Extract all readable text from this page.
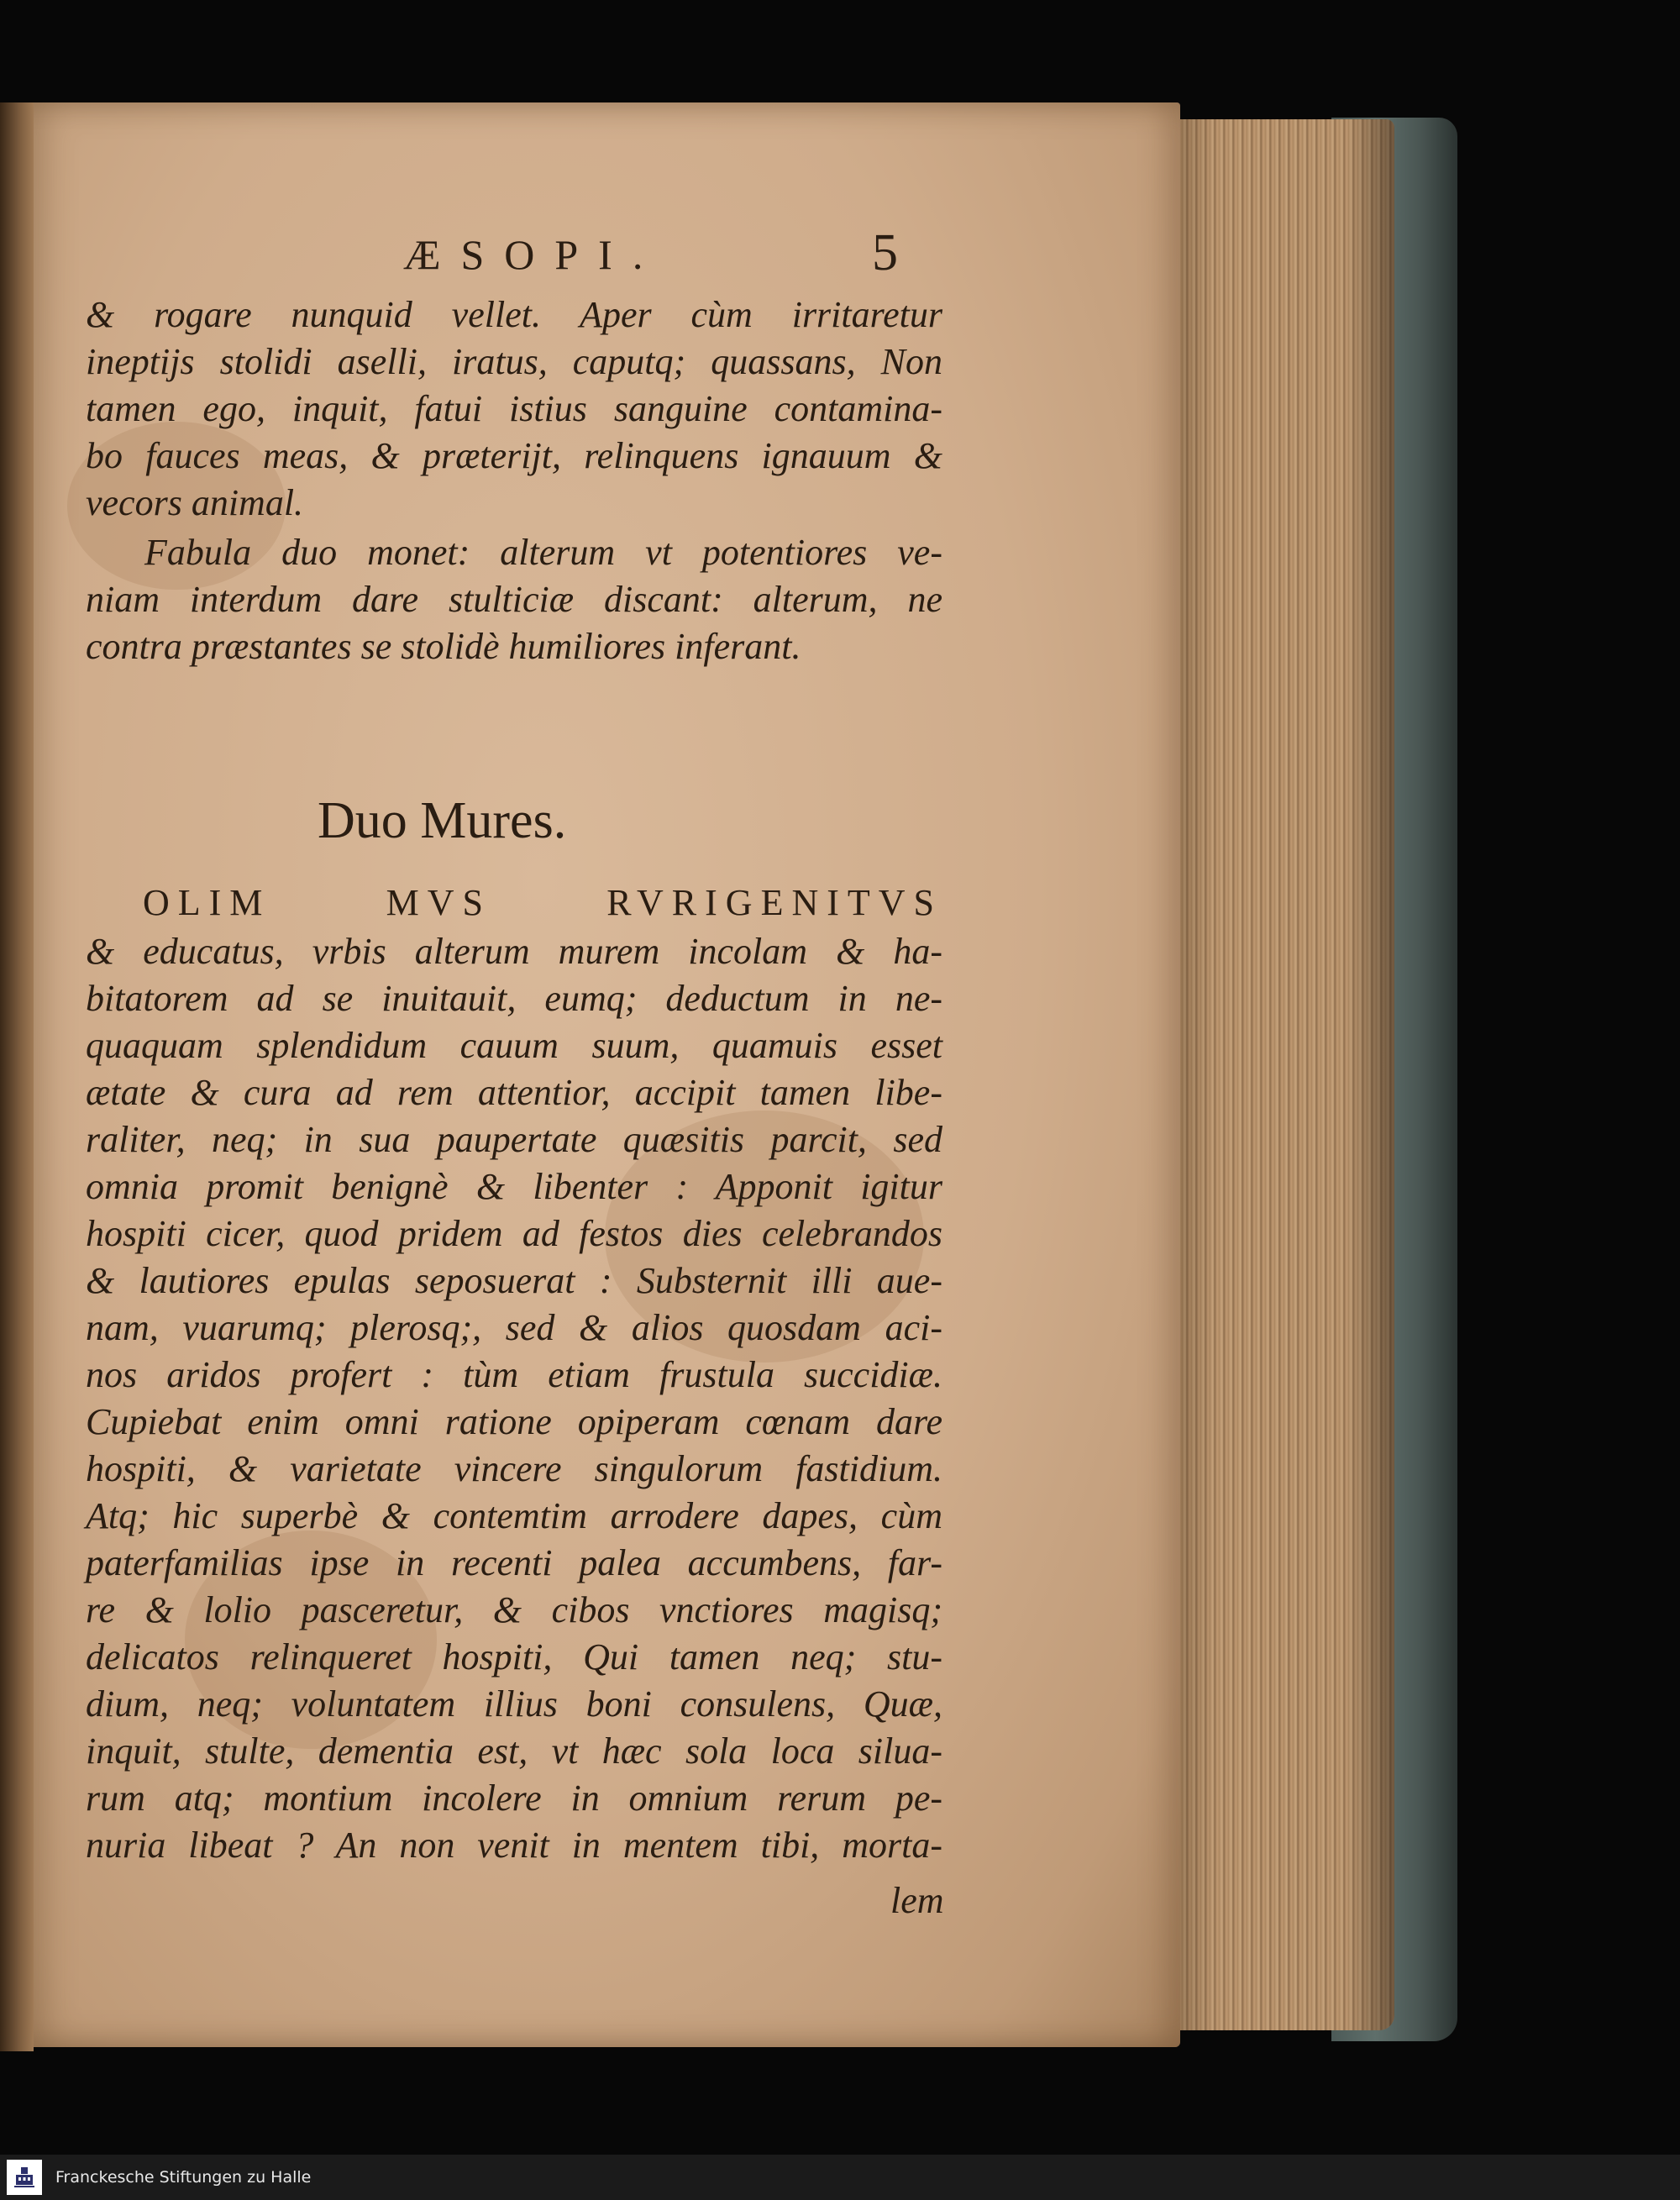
ÆSOPI.	5
& rogare nunquid vellet. Aper cùm irritaretur
ineptijs stolidi aselli, iratus, caputq; quassans, Non
tamen ego, inquit, fatui istius sanguine contamina-
bo fauces meas, & præterijt, relinquens ignauum &
vecors animal.
Fabula duo monet: alterum vt potentiores ve-
niam interdum dare stulticiæ discant: alterum, ne
contra præstantes se stolidè humiliores inferant.
Duo Mures.
OLIM MVS RVRIGENITVS
& educatus, vrbis alterum murem incolam & ha-
bitatorem ad se inuitauit, eumq; deductum in ne-
quaquam splendidum cauum suum, quamuis esset
ætate & cura ad rem attentior, accipit tamen libe-
raliter, neq; in sua paupertate quæsitis parcit, sed
omnia promit benignè & libenter : Apponit igitur
hospiti cicer, quod pridem ad festos dies celebrandos
& lautiores epulas seposuerat : Substernit illi aue-
nam, vuarumq; plerosq;, sed & alios quosdam aci-
nos aridos profert : tùm etiam frustula succidiæ.
Cupiebat enim omni ratione opiperam cœnam dare
hospiti, & varietate vincere singulorum fastidium.
Atq; hic superbè & contemtim arrodere dapes, cùm
paterfamilias ipse in recenti palea accumbens, far-
re & lolio pasceretur, & cibos vnctiores magisq;
delicatos relinqueret hospiti, Qui tamen neq; stu-
dium, neq; voluntatem illius boni consulens, Quæ,
inquit, stulte, dementia est, vt hæc sola loca silua-
rum atq; montium incolere in omnium rerum pe-
nuria libeat ? An non venit in mentem tibi, morta-
lem
Franckesche Stiftungen zu Halle
